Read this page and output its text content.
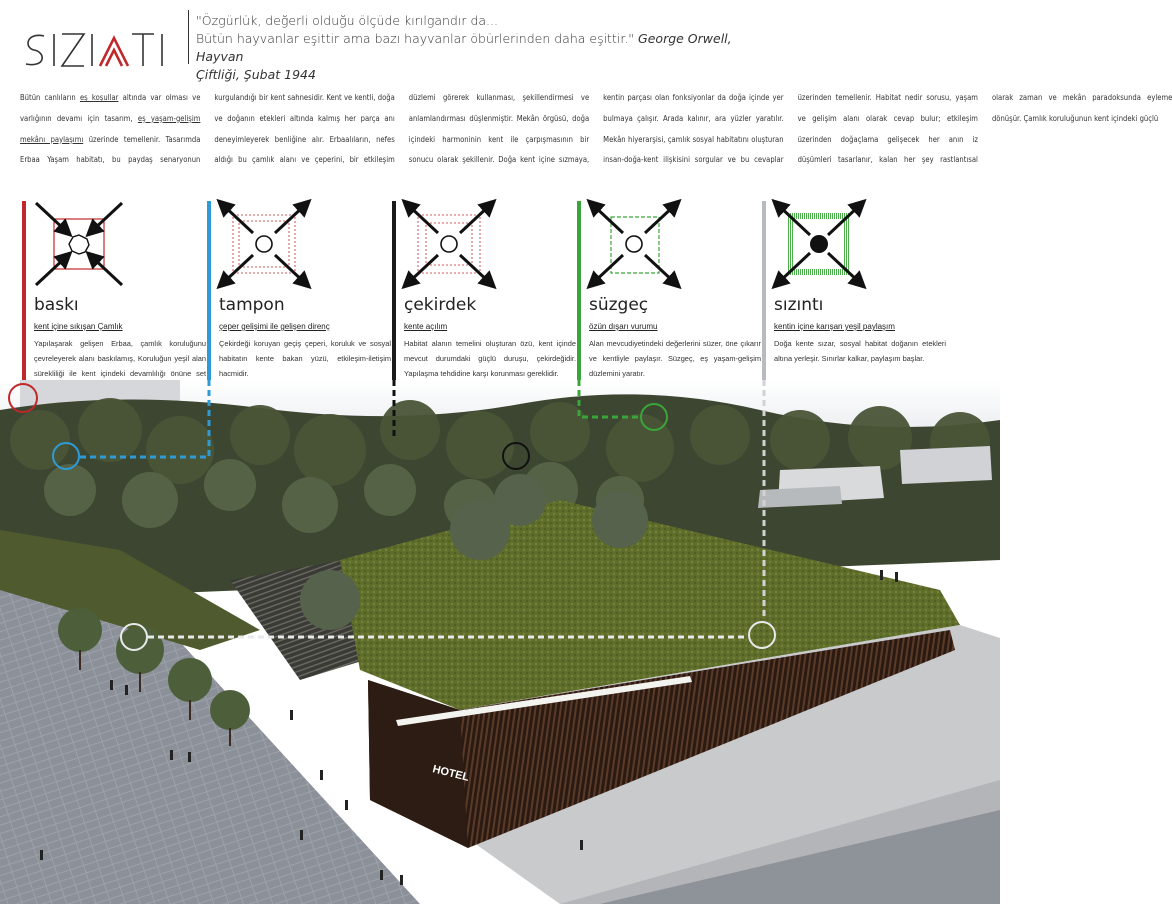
"Özgürlük, değerli olduğu ölçüde kırılgandır da...
Bütün hayvanlar eşittir ama bazı hayvanlar öbürlerinden daha eşittir." George Orwell, Hayvan
Çiftliği, Şubat 1944
Bütün canlıların eş koşullar altında var olması ve varlığının devamı için tasarım, eş yaşam-gelişim mekânı paylaşımı üzerinde temellenir. Tasarımda Erbaa Yaşam habitatı, bu paydaş senaryonun kurgulandığı bir kent sahnesidir. Kent ve kentli, doğa ve doğanın etekleri altında kalmış her parça anı deneyimleyerek benliğine alır. Erbaalıların, nefes aldığı bu çamlık alanı ve çeperini, bir etkileşim düzlemi görerek kullanması, şekillendirmesi ve anlamlandırması düşlenmiştir. Mekân örgüsü, doğa içindeki harmoninin kent ile çarpışmasının bir sonucu olarak şekillenir. Doğa kent içine sızmaya, kentin parçası olan fonksiyonlar da doğa içinde yer bulmaya çalışır. Arada kalınır, ara yüzler yaratılır. Mekân hiyerarşisi, çamlık sosyal habitatını oluşturan insan-doğa-kent ilişkisini sorgular ve bu cevaplar üzerinden temellenir. Habitat nedir sorusu, yaşam ve gelişim alanı olarak cevap bulur; etkileşim üzerinden doğaçlama gelişecek her anın iz düşümleri tasarlanır, kalan her şey rastlantısal olarak zaman ve mekân paradoksunda eyleme dönüşür. Çamlık koruluğunun kent içindeki güçlü
baskı
kent içine sıkışan Çamlık
Yapılaşarak gelişen Erbaa, çamlık koruluğunu çevreleyerek alanı baskılamış, Koruluğun yeşil alan sürekliliği ile kent içindeki devamlılığı önüne set
tampon
çeper gelişimi ile gelişen direnç
Çekirdeği koruyan geçiş çeperi, koruluk ve sosyal habitatın kente bakan yüzü, etkileşim-iletişim hacmidir.
çekirdek
kente açılım
Habitat alanın temelini oluşturan özü, kent içinde mevcut durumdaki güçlü duruşu, çekirdeğidir. Yapılaşma tehdidine karşı korunması gereklidir.
süzgeç
özün dışarı vurumu
Alan mevcudiyetindeki değerlerini süzer, öne çıkarır ve kentliyle paylaşır. Süzgeç, eş yaşam-gelişim düzlemini yaratır.
sızıntı
kentin içine karışan yeşil paylaşım
Doğa kente sızar, sosyal habitat doğanın etekleri altına yerleşir. Sınırlar kalkar, paylaşım başlar.
HOTEL
